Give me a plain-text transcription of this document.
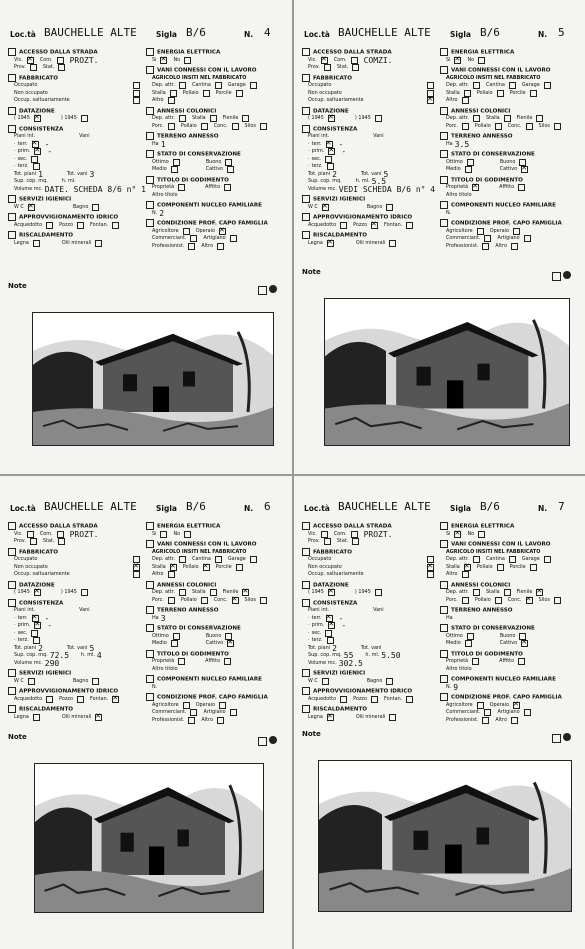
Loc.tà BAUCHELLE ALTE	Sigla B/6	N. 4
ACCESSO DALLA STRADA
Vic. ✕	Com. PROZT.
Prov.	Stat.
FABBRICATO
Occupato
Non occupato
Occup. saltuariamente
DATAZIONE
( 1945 ✕	) 1945
CONSISTENZA
Piani int.	Vani
· terr. ✕ -
· prim. ✕ -
· sec.
· terz.
Tot. piani 1	Tot. vani 3
Sup. cop. mq.	h. ml.
Volume mc. DATE. SCHEDA 8/6 n° 1
SERVIZI IGIENICI
W C ✕	Bagno
APPROVVIGIONAMENTO IDRICO
Acquedotto	Pozzo	Fontan.
RISCALDAMENTO
Legna	Olii minerali
ENERGIA ELETTRICA
Si ✕	No
VANI CONNESSI CON IL LAVORO
AGRICOLO INSITI NEL FABBRICATO
Dep. attr.	Cantina	Garage
Stalla	Pollaio	Porcile
Altro
ANNESSI COLONICI
Dep. attr.	Stalla	Fienile
Porc.	Pollaio	Conc.	Silos
TERRENO ANNESSO
Ha 1
STATO DI CONSERVAZIONE
Ottimo	Buono
Medio	Cattivo
TITOLO DI GODIMENTO
Proprietà	Affitto
Altro titolo
COMPONENTI NUCLEO FAMILIARE
N. 2
CONDIZIONE PROF. CAPO FAMIGLIA
Agricoltore	Operaio
✕
Commerciant.	Artigiano
Professionist.	Altro
Note
Loc.tà BAUCHELLE ALTE	Sigla B/6	N. 5
ACCESSO DALLA STRADA
Vic. ✕	Com. COMZI.
Prov.	Stat.
FABBRICATO
Occupato
Non occupato
Occup. saltuariamente
✕
DATAZIONE
( 1945 ✕	) 1945
CONSISTENZA
Piani int.	Vani
· terr. ✕ -
· prim. ✕ -
· sec.
· terz.
Tot. piani 2	Tot. vani 5
Sup. cop. mq.	h. ml. 5.5
Volume mc. VEDI SCHEDA B/6 n° 4
SERVIZI IGIENICI
W C ✕	Bagno
APPROVVIGIONAMENTO IDRICO
Acquedotto	Pozzo ✕	Fontan.
RISCALDAMENTO
Legna ✕	Olii minerali
ENERGIA ELETTRICA
Si ✕	No
VANI CONNESSI CON IL LAVORO
AGRICOLO INSITI NEL FABBRICATO
Dep. attr.	Cantina	Garage
Stalla	Pollaio	Porcile
Altro
ANNESSI COLONICI
Dep. attr.	Stalla	Fienile
Porc.	Pollaio	Conc.	Silos
TERRENO ANNESSO
Ha 3.5
STATO DI CONSERVAZIONE
Ottimo	Buono
Medio	Cattivo
✕
TITOLO DI GODIMENTO
Proprietà ✕	Affitto
Altro titolo
COMPONENTI NUCLEO FAMILIARE
N.
CONDIZIONE PROF. CAPO FAMIGLIA
Agricoltore	Operaio
Commerciant.	Artigiano
Professionist.	Altro
Note
Loc.tà BAUCHELLE ALTE	Sigla B/6	N. 6
ACCESSO DALLA STRADA
Vic.	Com. PROZT.
Prov.	Stat.
FABBRICATO
Occupato
Non occupato
✕
Occup. saltuariamente
DATAZIONE
( 1945 ✕	) 1945
CONSISTENZA
Piani int.	Vani
· terr. ✕ -
· prim. ✕ -
· sec.
· terz.
Tot. piani 2	Tot. vani 5
Sup. cop. mq. 72.5 h. ml. 4
Volume mc. 290
SERVIZI IGIENICI
W C	Bagno
APPROVVIGIONAMENTO IDRICO
Acquedotto	Pozzo	Fontan.
✕
RISCALDAMENTO
Legna	Olii minerali
✕
ENERGIA ELETTRICA
Si	No
VANI CONNESSI CON IL LAVORO
AGRICOLO INSITI NEL FABBRICATO
Dep. attr.	Cantina	Garage
Stalla ✕	Pollaio ✕	Porcile
Altro
ANNESSI COLONICI
Dep. attr.	Stalla	Fienile
✕
Porc.	Pollaio	Conc. ✕	Silos
TERRENO ANNESSO
Ha 3
STATO DI CONSERVAZIONE
Ottimo	Buono
Medio	Cattivo
✕
TITOLO DI GODIMENTO
Proprietà	Affitto
Altro titolo
COMPONENTI NUCLEO FAMILIARE
N.
CONDIZIONE PROF. CAPO FAMIGLIA
Agricoltore	Operaio
Commerciant.	Artigiano
Professionist.	Altro
Note
Loc.tà BAUCHELLE ALTE	Sigla B/6	N. 7
ACCESSO DALLA STRADA
Vic.	Com. PROZT.
Prov.	Stat.
FABBRICATO
Occupato
Non occupato
✕
Occup. saltuariamente
DATAZIONE
( 1945 ✕	) 1945
CONSISTENZA
Piani int.	Vani
· terr. ✕ -
· prim. ✕ -
· sec.
· terz.
Tot. piani 2	Tot. vani
Sup. cop. mq. 55 h. ml. 5.50
Volume mc. 302.5
SERVIZI IGIENICI
W C	Bagno
APPROVVIGIONAMENTO IDRICO
Acquedotto	Pozzo	Fontan.
RISCALDAMENTO
Legna ✕	Olii minerali
ENERGIA ELETTRICA
Si ✕	No
VANI CONNESSI CON IL LAVORO
AGRICOLO INSITI NEL FABBRICATO
Dep. attr.	Cantina	Garage
Stalla ✕	Pollaio	Porcile
Altro
ANNESSI COLONICI
Dep. attr.	Stalla	Fienile
✕
Porc.	Pollaio	Conc. ✕	Silos
TERRENO ANNESSO
Ha
STATO DI CONSERVAZIONE
Ottimo	Buono
Medio	Cattivo
✕
TITOLO DI GODIMENTO
Proprietà	Affitto
Altro titolo
COMPONENTI NUCLEO FAMILIARE
N. 9
CONDIZIONE PROF. CAPO FAMIGLIA
Agricoltore	Operaio
✕
Commerciant.	Artigiano
Professionist.	Altro
Note
